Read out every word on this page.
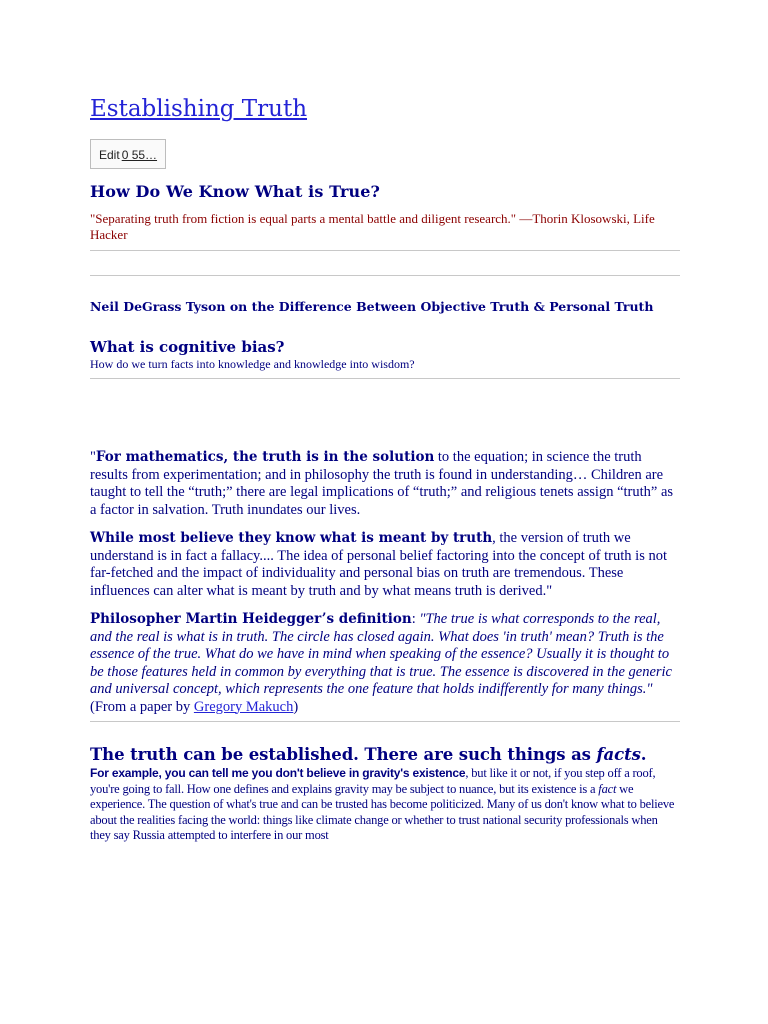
Establishing Truth
Edit 0 55…
How Do We Know What is True?
"Separating truth from fiction is equal parts a mental battle and diligent research." —Thorin Klosowski, Life Hacker
Neil DeGrass Tyson on the Difference Between Objective Truth & Personal Truth
What is cognitive bias?
How do we turn facts into knowledge and knowledge into wisdom?

"For mathematics, the truth is in the solution to the equation; in science the truth results from experimentation; and in philosophy the truth is found in understanding… Children are taught to tell the “truth;” there are legal implications of “truth;” and religious tenets assign “truth” as a factor in salvation. Truth inundates our lives.

While most believe they know what is meant by truth, the version of truth we understand is in fact a fallacy.... The idea of personal belief factoring into the concept of truth is not far-fetched and the impact of individuality and personal bias on truth are tremendous. These influences can alter what is meant by truth and by what means truth is derived."

Philosopher Martin Heidegger’s definition: "The true is what corresponds to the real, and the real is what is in truth. The circle has closed again. What does 'in truth' mean? Truth is the essence of the true. What do we have in mind when speaking of the essence? Usually it is thought to be those features held in common by everything that is true. The essence is discovered in the generic and universal concept, which represents the one feature that holds indifferently for many things." (From a paper by Gregory Makuch)

The truth can be established. There are such things as facts.

For example, you can tell me you don't believe in gravity's existence, but like it or not, if you step off a roof, you're going to fall. How one defines and explains gravity may be subject to nuance, but its existence is a fact we experience. The question of what's true and can be trusted has become politicized. Many of us don't know what to believe about the realities facing the world: things like climate change or whether to trust national security professionals when they say Russia attempted to interfere in our most
